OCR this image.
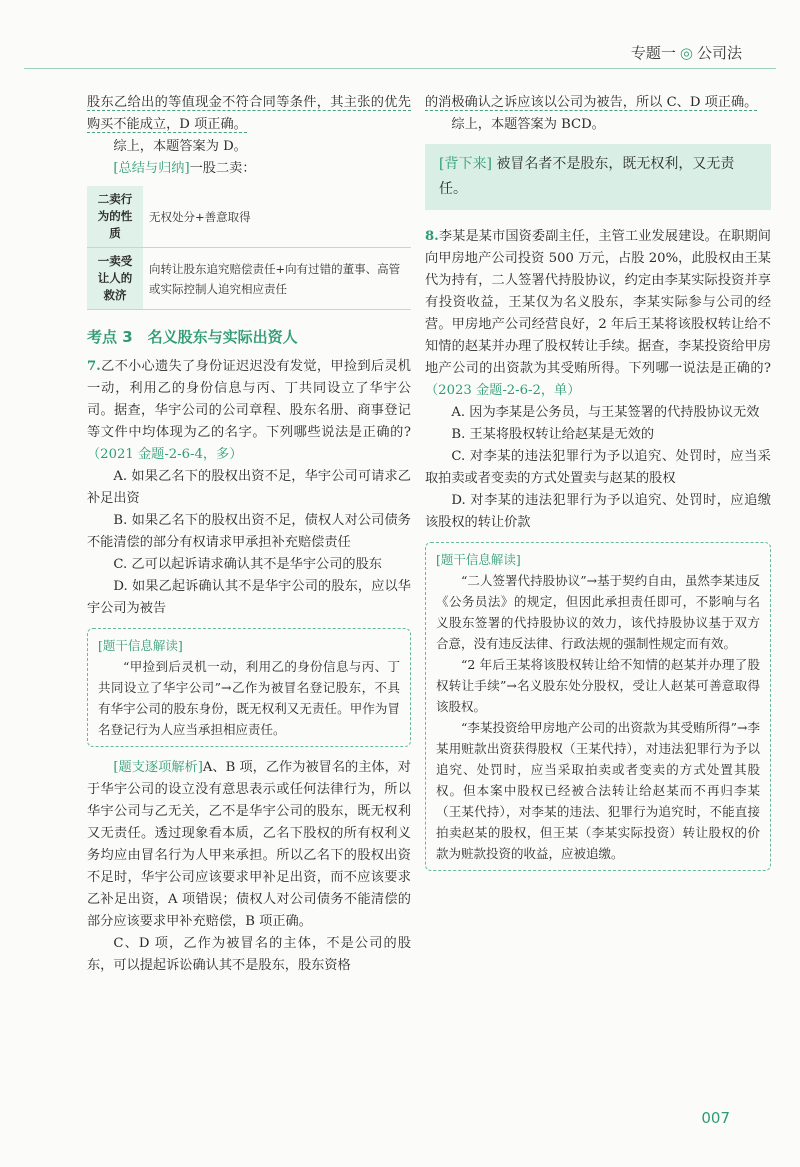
专题一 ◎ 公司法

股东乙给出的等值现金不符合同等条件，其主张的优先购买不能成立，D 项正确。

综上，本题答案为 D。

[总结与归纳]一股二卖：

二卖行为的性质	无权处分+善意取得
一卖受让人的救济	向转让股东追究赔偿责任+向有过错的董事、高管或实际控制人追究相应责任
考点 3　名义股东与实际出资人

7.乙不小心遗失了身份证迟迟没有发觉，甲捡到后灵机一动，利用乙的身份信息与丙、丁共同设立了华宇公司。据查，华宇公司的公司章程、股东名册、商事登记等文件中均体现为乙的名字。下列哪些说法是正确的?（2021 金题-2-6-4，多）

A. 如果乙名下的股权出资不足，华宇公司可请求乙补足出资

B. 如果乙名下的股权出资不足，债权人对公司债务不能清偿的部分有权请求甲承担补充赔偿责任

C. 乙可以起诉请求确认其不是华宇公司的股东

D. 如果乙起诉确认其不是华宇公司的股东，应以华宇公司为被告

[题干信息解读]

“甲捡到后灵机一动，利用乙的身份信息与丙、丁共同设立了华宇公司”→乙作为被冒名登记股东，不具有华宇公司的股东身份，既无权利又无责任。甲作为冒名登记行为人应当承担相应责任。

[题支逐项解析]A、B 项，乙作为被冒名的主体，对于华宇公司的设立没有意思表示或任何法律行为，所以华宇公司与乙无关，乙不是华宇公司的股东，既无权利又无责任。透过现象看本质，乙名下股权的所有权利义务均应由冒名行为人甲来承担。所以乙名下的股权出资不足时，华宇公司应该要求甲补足出资，而不应该要求乙补足出资，A 项错误；债权人对公司债务不能清偿的部分应该要求甲补充赔偿，B 项正确。

C、D 项，乙作为被冒名的主体，不是公司的股东，可以提起诉讼确认其不是股东，股东资格

的消极确认之诉应该以公司为被告，所以 C、D 项正确。

综上，本题答案为 BCD。

[背下来] 被冒名者不是股东，既无权利，又无责任。

8.李某是某市国资委副主任，主管工业发展建设。在职期间向甲房地产公司投资 500 万元，占股 20%，此股权由王某代为持有，二人签署代持股协议，约定由李某实际投资并享有投资收益，王某仅为名义股东，李某实际参与公司的经营。甲房地产公司经营良好，2 年后王某将该股权转让给不知情的赵某并办理了股权转让手续。据查，李某投资给甲房地产公司的出资款为其受贿所得。下列哪一说法是正确的?（2023 金题-2-6-2，单）

A. 因为李某是公务员，与王某签署的代持股协议无效

B. 王某将股权转让给赵某是无效的

C. 对李某的违法犯罪行为予以追究、处罚时，应当采取拍卖或者变卖的方式处置卖与赵某的股权

D. 对李某的违法犯罪行为予以追究、处罚时，应追缴该股权的转让价款

[题干信息解读]

“二人签署代持股协议”→基于契约自由，虽然李某违反《公务员法》的规定，但因此承担责任即可，不影响与名义股东签署的代持股协议的效力，该代持股协议基于双方合意，没有违反法律、行政法规的强制性规定而有效。

“2 年后王某将该股权转让给不知情的赵某并办理了股权转让手续”→名义股东处分股权，受让人赵某可善意取得该股权。

“李某投资给甲房地产公司的出资款为其受贿所得”→李某用赃款出资获得股权（王某代持），对违法犯罪行为予以追究、处罚时，应当采取拍卖或者变卖的方式处置其股权。但本案中股权已经被合法转让给赵某而不再归李某（王某代持），对李某的违法、犯罪行为追究时，不能直接拍卖赵某的股权，但王某（李某实际投资）转让股权的价款为赃款投资的收益，应被追缴。

007
